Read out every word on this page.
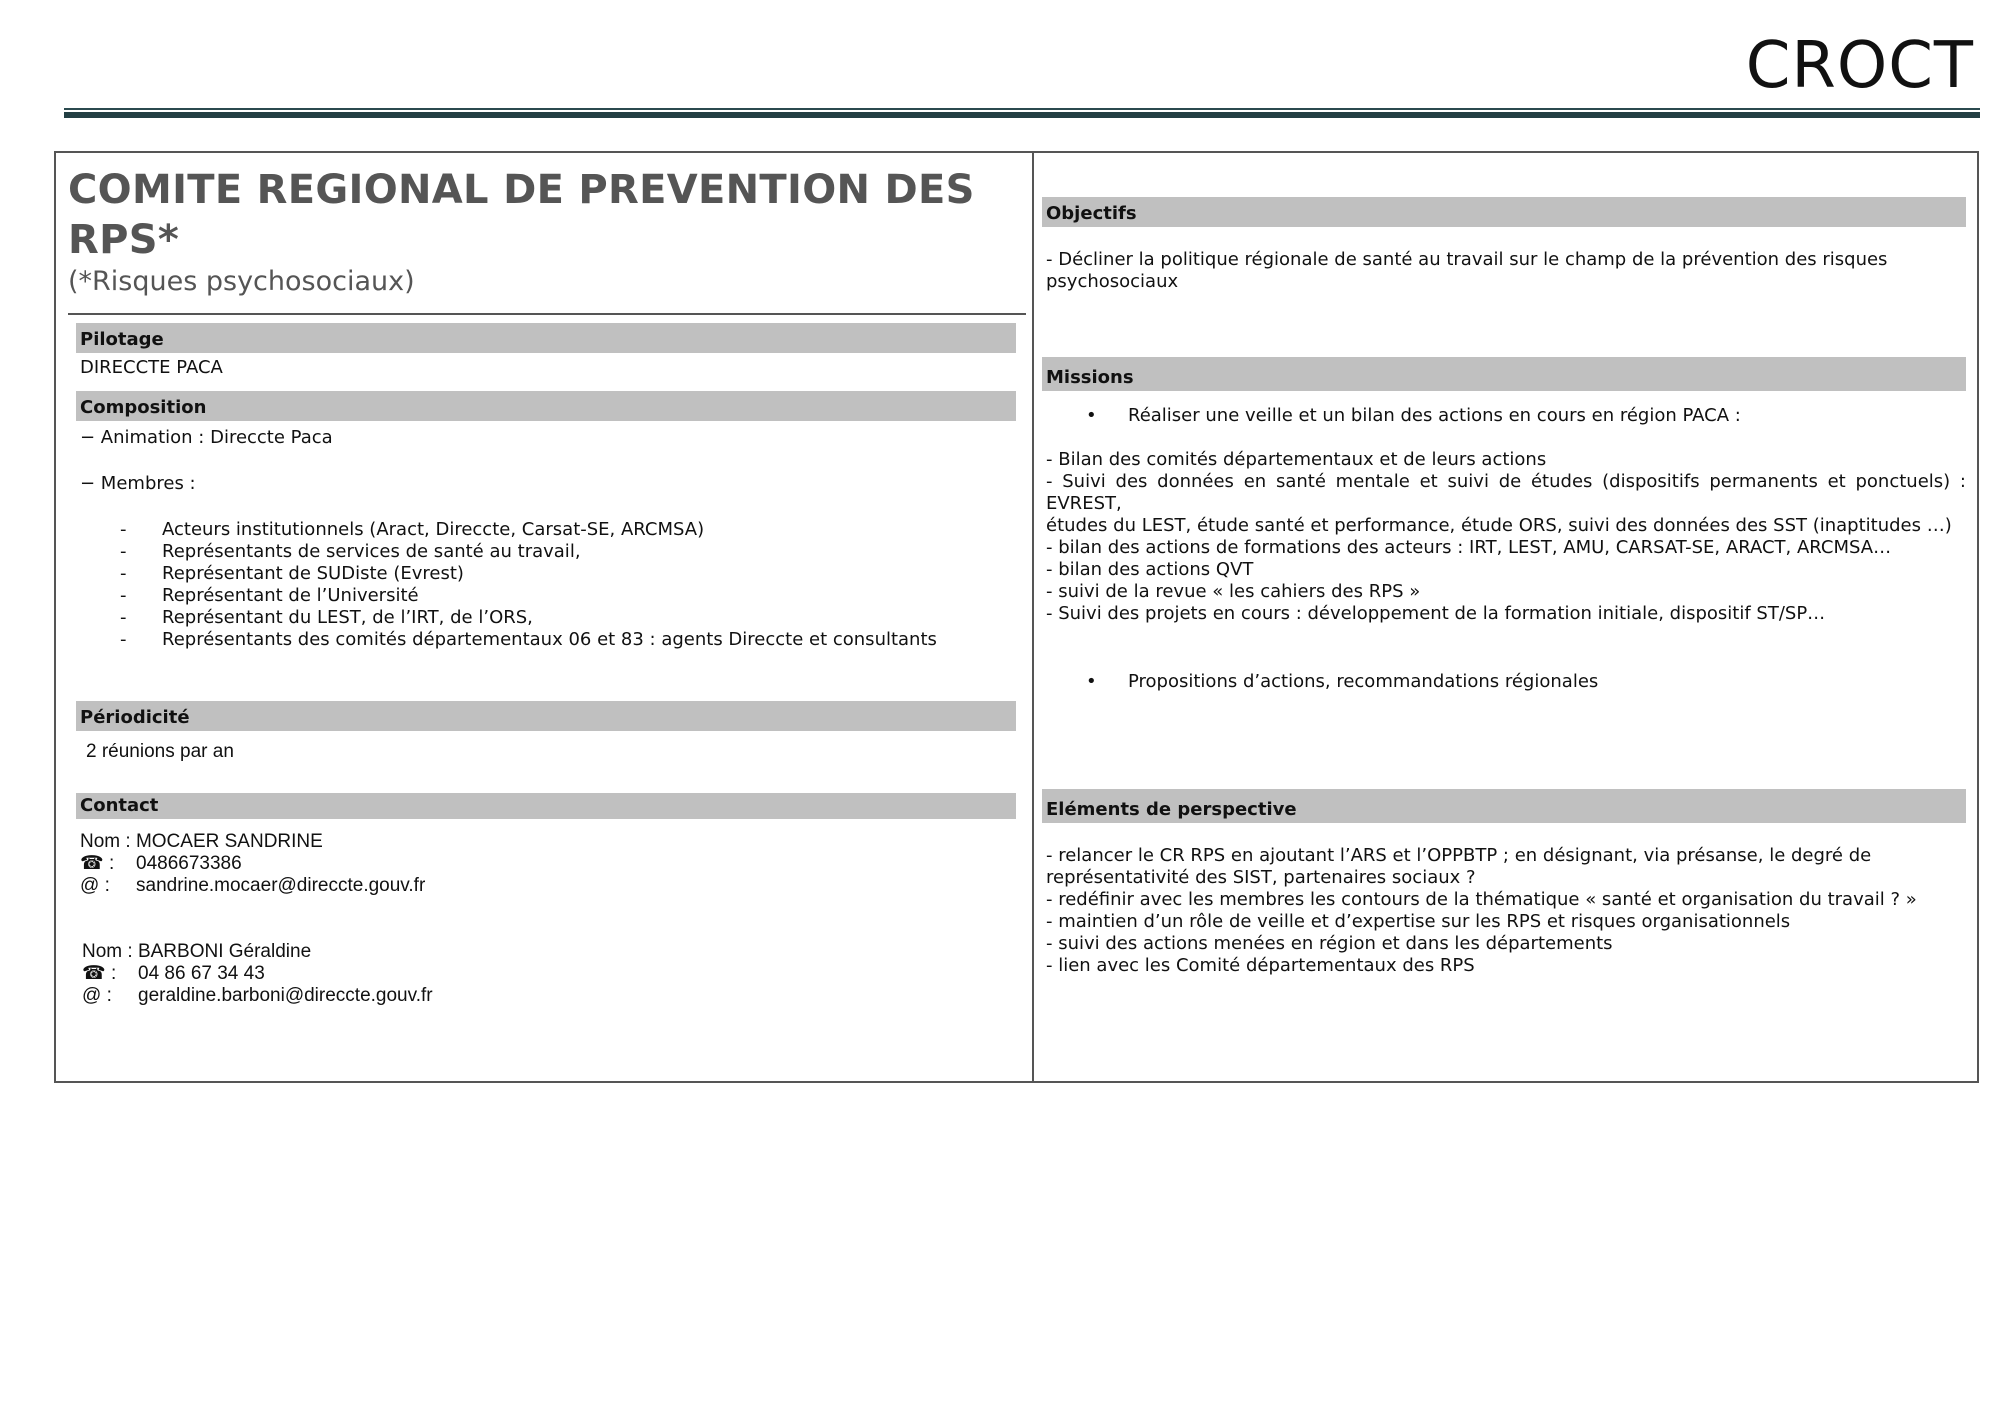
CROCT
COMITE REGIONAL DE PREVENTION DES RPS*
(*Risques psychosociaux)
Pilotage
DIRECCTE PACA
Composition
− Animation : Direccte Paca
− Membres :
- Acteurs institutionnels (Aract, Direccte, Carsat-SE, ARCMSA)
- Représentants de services de santé au travail,
- Représentant de SUDiste (Evrest)
- Représentant de l’Université
- Représentant du LEST, de l’IRT, de l’ORS,
- Représentants des comités départementaux 06 et 83 : agents Direccte et consultants
Périodicité
2 réunions par an
Contact
Nom : MOCAER SANDRINE
☎ :	0486673386
@ :	sandrine.mocaer@direccte.gouv.fr
Nom : BARBONI Géraldine
☎ :	04 86 67 34 43
@ :	geraldine.barboni@direccte.gouv.fr
Objectifs
- Décliner la politique régionale de santé au travail sur le champ de la prévention des risques
psychosociaux
Missions
• Réaliser une veille et un bilan des actions en cours en région PACA :
- Bilan des comités départementaux et de leurs actions
- Suivi des données en santé mentale et suivi de études (dispositifs permanents et ponctuels) : EVREST,
études du LEST, étude santé et performance, étude ORS, suivi des données des SST (inaptitudes …)
- bilan des actions de formations des acteurs : IRT, LEST, AMU, CARSAT-SE, ARACT, ARCMSA…
- bilan des actions QVT
- suivi de la revue « les cahiers des RPS »
- Suivi des projets en cours : développement de la formation initiale, dispositif ST/SP…
• Propositions d’actions, recommandations régionales
Eléments de perspective
- relancer le CR RPS en ajoutant l’ARS et l’OPPBTP ; en désignant, via présanse, le degré de
représentativité des SIST, partenaires sociaux ?
- redéfinir avec les membres les contours de la thématique « santé et organisation du travail ? »
- maintien d’un rôle de veille et d’expertise sur les RPS et risques organisationnels
- suivi des actions menées en région et dans les départements
- lien avec les Comité départementaux des RPS
